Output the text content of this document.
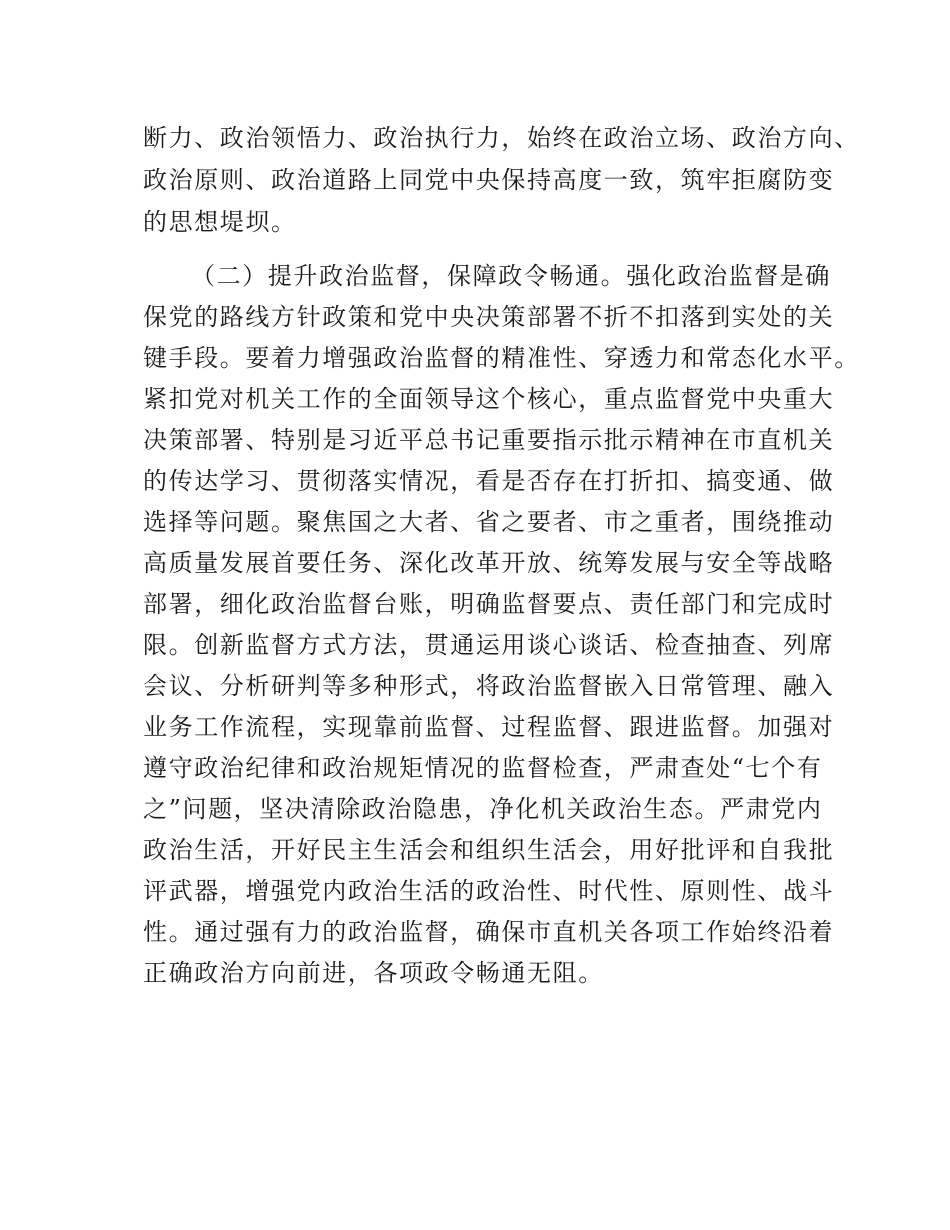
断力、政治领悟力、政治执行力，始终在政治立场、政治方向、
政治原则、政治道路上同党中央保持高度一致，筑牢拒腐防变
的思想堤坝。
（二）提升政治监督，保障政令畅通。强化政治监督是确
保党的路线方针政策和党中央决策部署不折不扣落到实处的关
键手段。要着力增强政治监督的精准性、穿透力和常态化水平。
紧扣党对机关工作的全面领导这个核心，重点监督党中央重大
决策部署、特别是习近平总书记重要指示批示精神在市直机关
的传达学习、贯彻落实情况，看是否存在打折扣、搞变通、做
选择等问题。聚焦国之大者、省之要者、市之重者，围绕推动
高质量发展首要任务、深化改革开放、统筹发展与安全等战略
部署，细化政治监督台账，明确监督要点、责任部门和完成时
限。创新监督方式方法，贯通运用谈心谈话、检查抽查、列席
会议、分析研判等多种形式，将政治监督嵌入日常管理、融入
业务工作流程，实现靠前监督、过程监督、跟进监督。加强对
遵守政治纪律和政治规矩情况的监督检查，严肃查处“七个有
之”问题，坚决清除政治隐患，净化机关政治生态。严肃党内
政治生活，开好民主生活会和组织生活会，用好批评和自我批
评武器，增强党内政治生活的政治性、时代性、原则性、战斗
性。通过强有力的政治监督，确保市直机关各项工作始终沿着
正确政治方向前进，各项政令畅通无阻。
